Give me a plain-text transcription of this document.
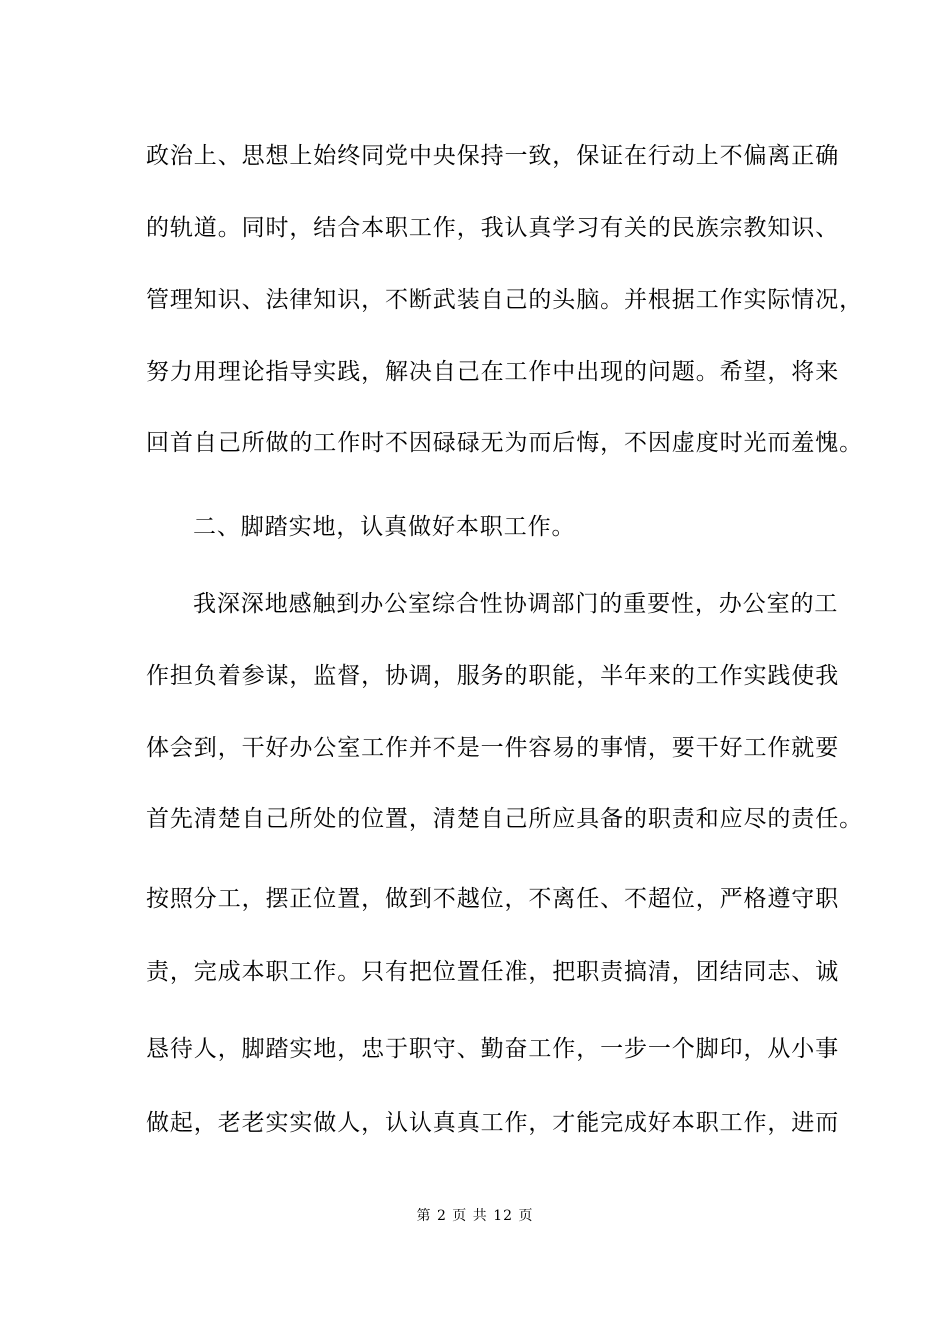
政治上、思想上始终同党中央保持一致，保证在行动上不偏离正确
的轨道。同时，结合本职工作，我认真学习有关的民族宗教知识、
管理知识、法律知识，不断武装自己的头脑。并根据工作实际情况，
努力用理论指导实践，解决自己在工作中出现的问题。希望，将来
回首自己所做的工作时不因碌碌无为而后悔，不因虚度时光而羞愧。
二、脚踏实地，认真做好本职工作。
我深深地感触到办公室综合性协调部门的重要性，办公室的工
作担负着参谋，监督，协调，服务的职能，半年来的工作实践使我
体会到，干好办公室工作并不是一件容易的事情，要干好工作就要
首先清楚自己所处的位置，清楚自己所应具备的职责和应尽的责任。
按照分工，摆正位置，做到不越位，不离任、不超位，严格遵守职
责，完成本职工作。只有把位置任准，把职责搞清，团结同志、诚
恳待人，脚踏实地，忠于职守、勤奋工作，一步一个脚印，从小事
做起，老老实实做人，认认真真工作，才能完成好本职工作，进而
第 2 页 共 12 页
